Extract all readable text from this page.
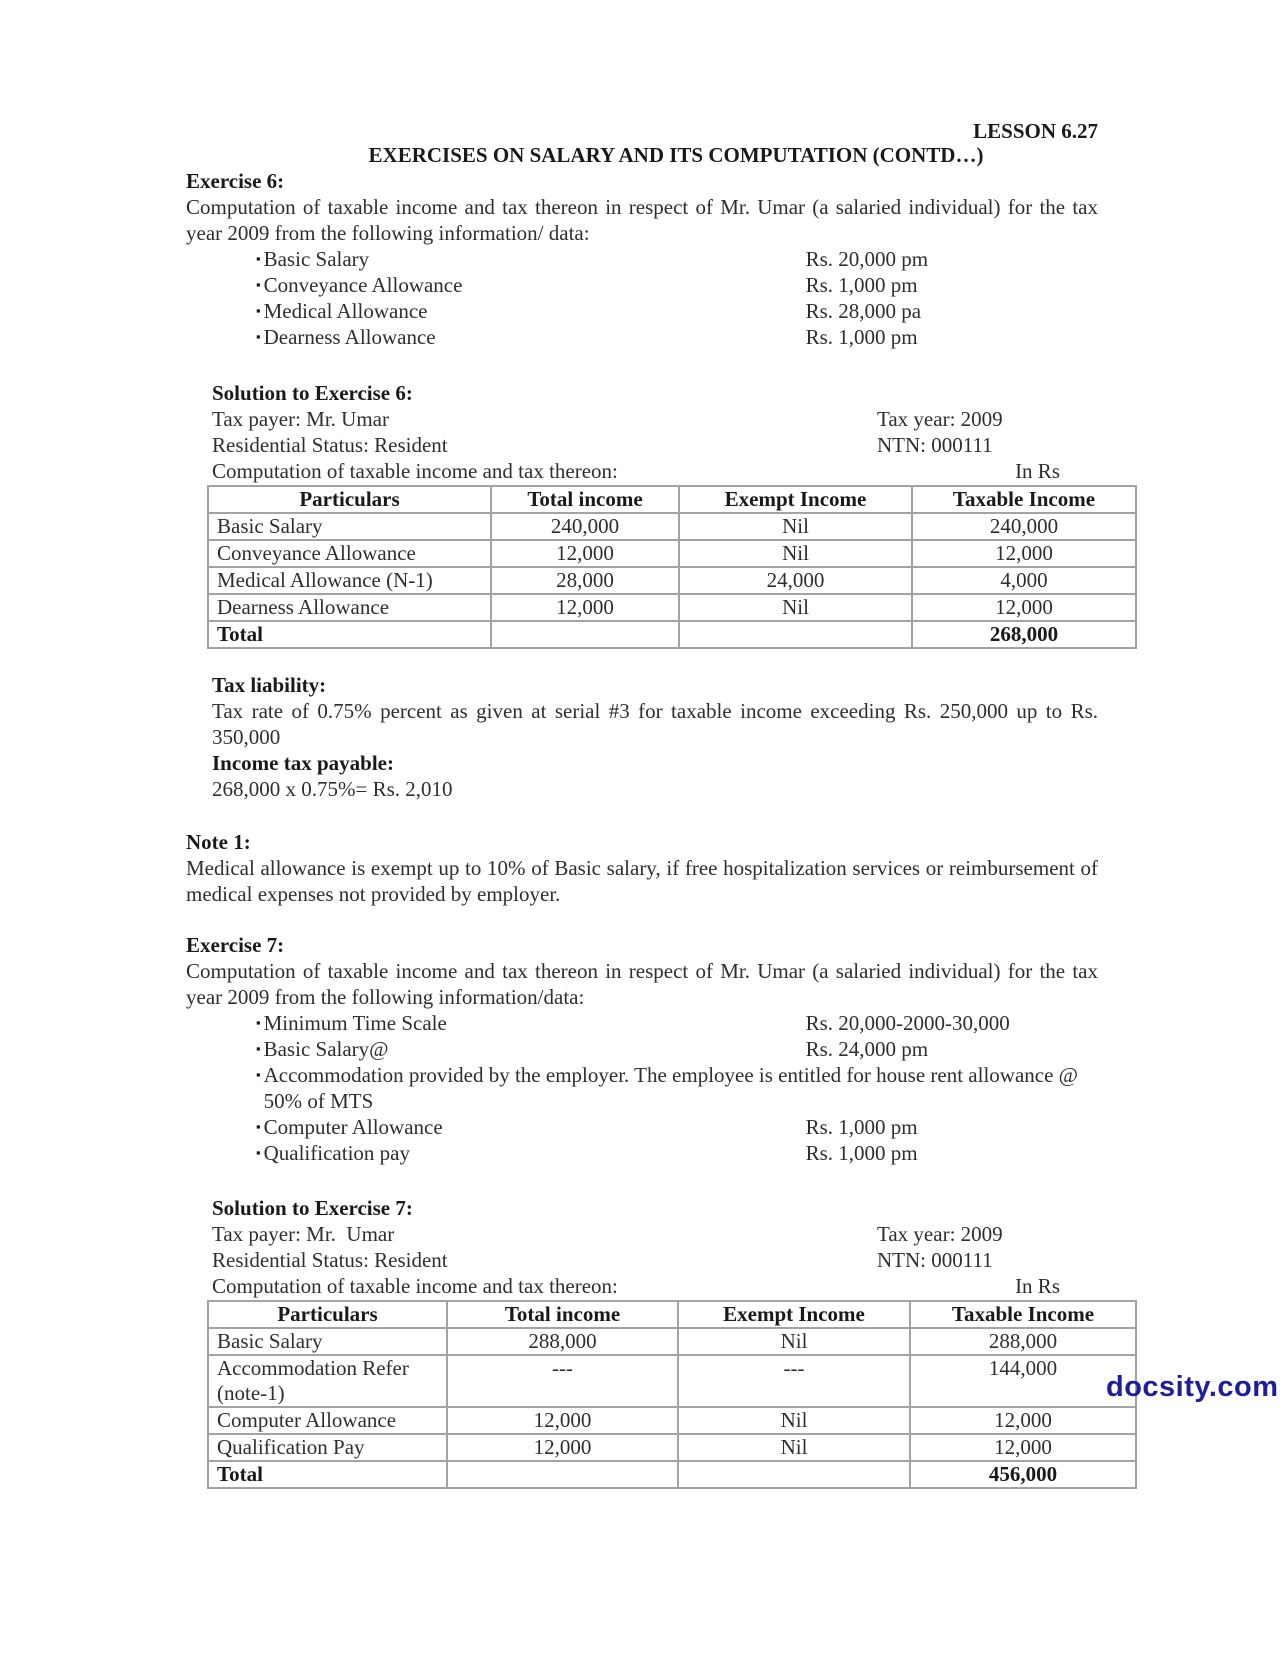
LESSON 6.27
EXERCISES ON SALARY AND ITS COMPUTATION (CONTD…)
Exercise 6:

Computation of taxable income and tax thereon in respect of Mr. Umar (a salaried individual) for the tax year 2009 from the following information/ data:

▪ Basic Salary	Rs. 20,000 pm
▪ Conveyance Allowance	Rs. 1,000 pm
▪ Medical Allowance	Rs. 28,000 pa
▪ Dearness Allowance	Rs. 1,000 pm
Solution to Exercise 6:
Tax payer: Mr. Umar	Tax year: 2009
Residential Status: Resident	NTN: 000111
Computation of taxable income and tax thereon:	In Rs
Particulars	Total income	Exempt Income	Taxable Income
Basic Salary	240,000	Nil	240,000
Conveyance Allowance	12,000	Nil	12,000
Medical Allowance (N-1)	28,000	24,000	4,000
Dearness Allowance	12,000	Nil	12,000
Total			268,000
Tax liability:

Tax rate of 0.75% percent as given at serial #3 for taxable income exceeding Rs. 250,000 up to Rs. 350,000

Income tax payable:
268,000 x 0.75%= Rs. 2,010
Note 1:

Medical allowance is exempt up to 10% of Basic salary, if free hospitalization services or reimbursement of medical expenses not provided by employer.

Exercise 7:

Computation of taxable income and tax thereon in respect of Mr. Umar (a salaried individual) for the tax year 2009 from the following information/data:

▪ Minimum Time Scale	Rs. 20,000-2000-30,000
▪ Basic Salary@	Rs. 24,000 pm
▪ Accommodation provided by the employer. The employee is entitled for house rent allowance @
50% of MTS
▪ Computer Allowance	Rs. 1,000 pm
▪ Qualification pay	Rs. 1,000 pm
Solution to Exercise 7:
Tax payer: Mr.  Umar	Tax year: 2009
Residential Status: Resident	NTN: 000111
Computation of taxable income and tax thereon:	In Rs
Particulars	Total income	Exempt Income	Taxable Income
Basic Salary	288,000	Nil	288,000
Accommodation Refer (note-1)	---	---	144,000
Computer Allowance	12,000	Nil	12,000
Qualification Pay	12,000	Nil	12,000
Total			456,000
docsity.com
